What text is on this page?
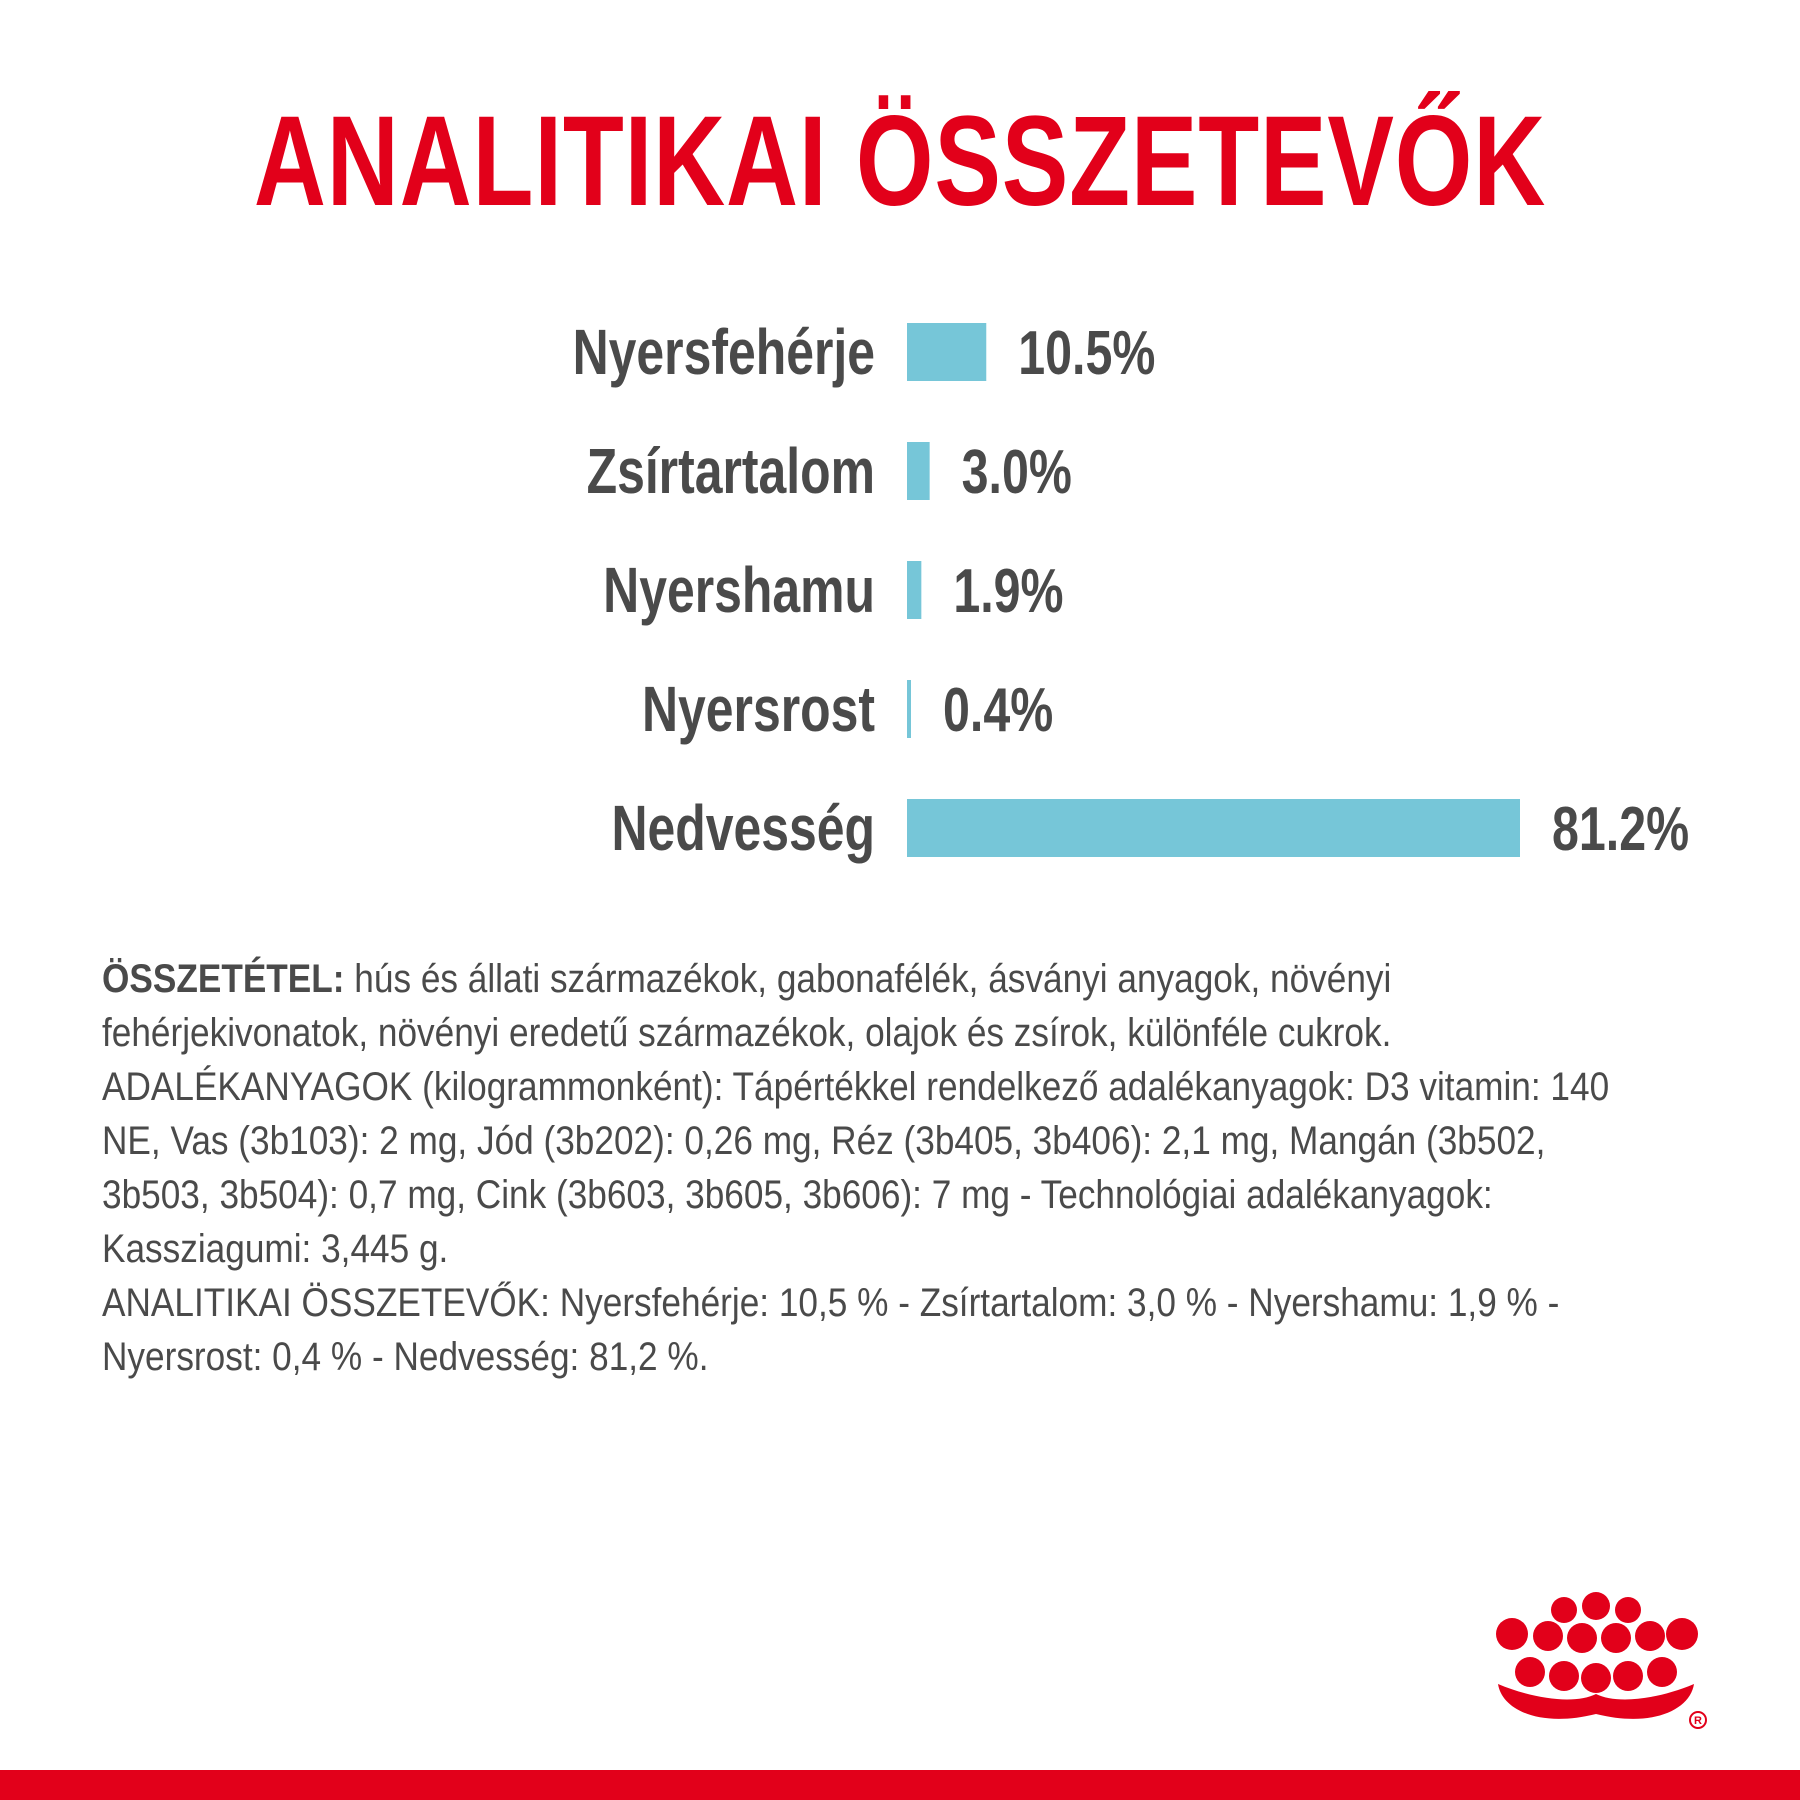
ANALITIKAI ÖSSZETEVŐK
Nyersfehérje 10.5%
Zsírtartalom 3.0%
Nyershamu 1.9%
Nyersrost 0.4%
Nedvesség	81.2%

ÖSSZETÉTEL: hús és állati származékok, gabonafélék, ásványi anyagok, növényi fehérjekivonatok, növényi eredetű származékok, olajok és zsírok, különféle cukrok.

ADALÉKANYAGOK (kilogrammonként): Tápértékkel rendelkező adalékanyagok: D3 vitamin: 140 NE, Vas (3b103): 2 mg, Jód (3b202): 0,26 mg, Réz (3b405, 3b406): 2,1 mg, Mangán (3b502, 3b503, 3b504): 0,7 mg, Cink (3b603, 3b605, 3b606): 7 mg - Technológiai adalékanyagok: Kassziagumi: 3,445 g.

ANALITIKAI ÖSSZETEVŐK: Nyersfehérje: 10,5 % - Zsírtartalom: 3,0 % - Nyershamu: 1,9 % - Nyersrost: 0,4 % - Nedvesség: 81,2 %.

R
